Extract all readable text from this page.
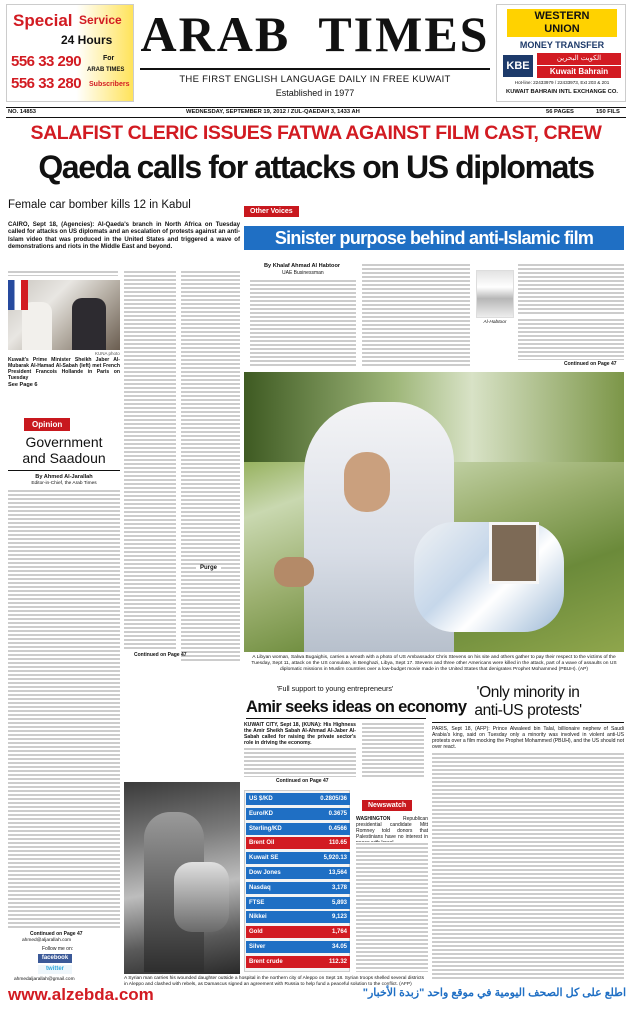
Special Service
24 Hours
556 33 290
556 33 280
For
ARAB TIMES
Subscribers
ARAB TIMES
THE FIRST ENGLISH LANGUAGE DAILY IN FREE KUWAIT
Established in 1977
WESTERN
UNION
MONEY TRANSFER
KBE
الكويت البحرين
Kuwait Bahrain
Hot-line: 22433979 / 22433973, Ext 203 & 201
KUWAIT BAHRAIN INTL EXCHANGE CO.
NO. 14853	WEDNESDAY, SEPTEMBER 19, 2012 / ZUL-QAEDAH 3, 1433 AH	56 PAGES	150 FILS
SALAFIST CLERIC ISSUES FATWA AGAINST FILM CAST, CREW
Qaeda calls for attacks on US diplomats
Female car bomber kills 12 in Kabul
CAIRO, Sept 18, (Agencies): Al-Qaeda's branch in North Africa on Tuesday called for attacks on US diplomats and an escalation of protests against an anti-Islam video that was produced in the United States and triggered a wave of demonstrations and riots in the Middle East and beyond.
KUNA photo
Kuwait's Prime Minister Sheikh Jaber Al-Mubarak Al-Hamad Al-Sabah (left) met French President Francois Hollande in Paris on Tuesday
See Page 6
Opinion
Government
and Saadoun
By Ahmed Al-Jarallah
Editor-in-Chief, the Arab Times
Continued on Page 47
ahmed@aljarallah.com
Follow me on:
facebook
twitter
ahmedaljarallah@gmail.com
Purge
Continued on Page 47
Other Voices
Sinister purpose behind anti-Islamic film
By Khalaf Ahmad Al Habtoor
UAE Businessman
Al-Habtoor
Continued on Page 47
A Libyan woman, Salwa Bugaighis, carries a wreath with a photo of US Ambassador Chris Stevens on his site and others gather to pay their respect to the victims of the Tuesday, Sept 11, attack on the US consulate, in Benghazi, Libya, Sept 17. Stevens and three other Americans were killed in the attack, part of a wave of assaults on US diplomatic missions in Muslim countries over a low-budget movie made in the United States that denigrates Prophet Mohammed (PBUH). (AP)
'Full support to young entrepreneurs'
Amir seeks ideas on economy
KUWAIT CITY, Sept 18, (KUNA): His Highness the Amir Sheikh Sabah Al-Ahmad Al-Jaber Al-Sabah called for raising the private sector's role in driving the economy.
Continued on Page 47
'Only minority in
anti-US protests'
PARIS, Sept 18, (AFP): Prince Alwaleed bin Talal, billionaire nephew of Saudi Arabia's king, said on Tuesday only a minority was involved in violent anti-US protests over a film mocking the Prophet Mohammed (PBUH), and the US should not over react.
A Syrian man carries his wounded daughter outside a hospital in the northern city of Aleppo on Sept 18. Syrian troops shelled several districts in Aleppo and clashed with rebels, as Damascus signed an agreement with Russia to help fund a peaceful solution to the conflict. (AFP)
US $/KD	0.2805/36
Euro/KD	0.3675
Sterling/KD	0.4566
Brent Oil	110.65
Kuwait SE	5,920.13
Dow Jones	13,564
Nasdaq	3,178
FTSE	5,893
Nikkei	9,123
Gold	1,764
Silver	34.05
Brent crude	112.32
Newswatch
WASHINGTON	Republican presidential candidate Mitt Romney told donors that Palestinians have no interest in
www.alzebda.com	اطلع على كل الصحف اليومية في موقع واحد "زبدة الأخبار"
